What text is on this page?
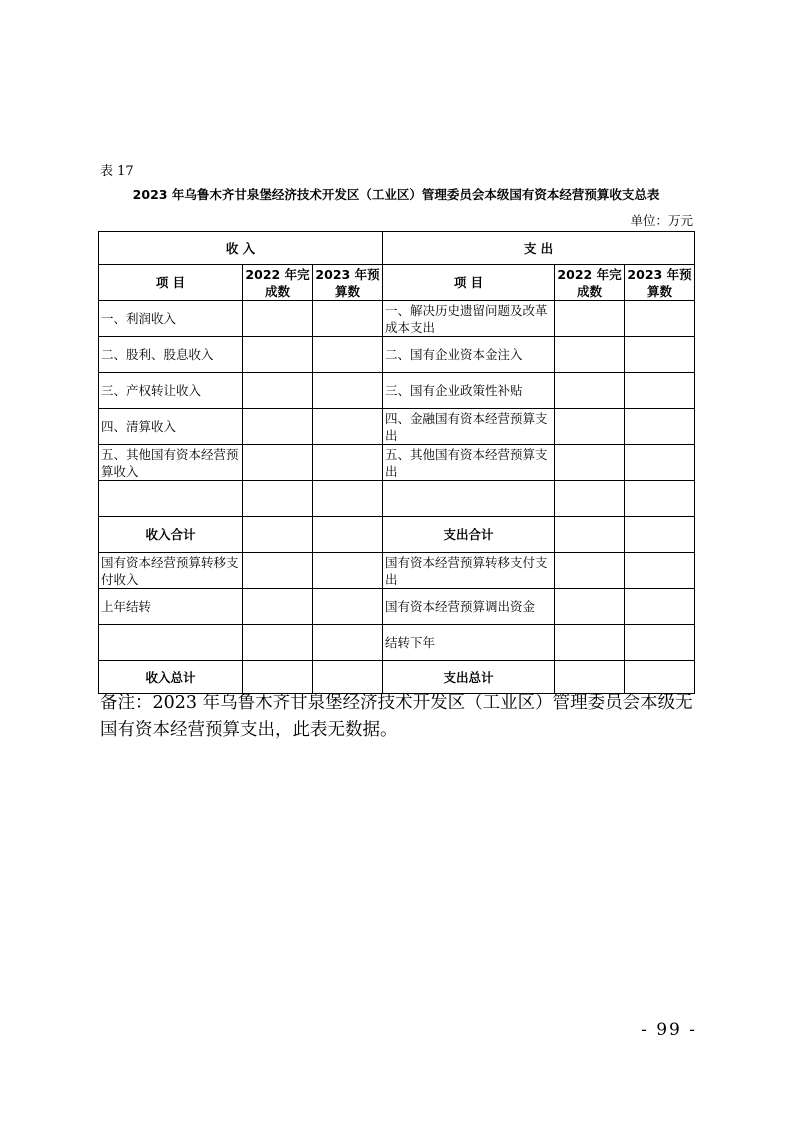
表 17
2023 年乌鲁木齐甘泉堡经济技术开发区（工业区）管理委员会本级国有资本经营预算收支总表
单位：万元
收 入			支 出		
项 目	2022 年完成数	2023 年预算数	项 目	2022 年完成数	2023 年预算数
一、利润收入			一、解决历史遗留问题及改革成本支出		
二、股利、股息收入			二、国有企业资本金注入		
三、产权转让收入			三、国有企业政策性补贴		
四、清算收入			四、金融国有资本经营预算支出		
五、其他国有资本经营预算收入			五、其他国有资本经营预算支出		

收入合计			支出合计		
国有资本经营预算转移支付收入			国有资本经营预算转移支付支出		
上年结转			国有资本经营预算调出资金		
			结转下年		
收入总计			支出总计		
备注：2023 年乌鲁木齐甘泉堡经济技术开发区（工业区）管理委员会本级无国有资本经营预算支出，此表无数据。
- 99 -
